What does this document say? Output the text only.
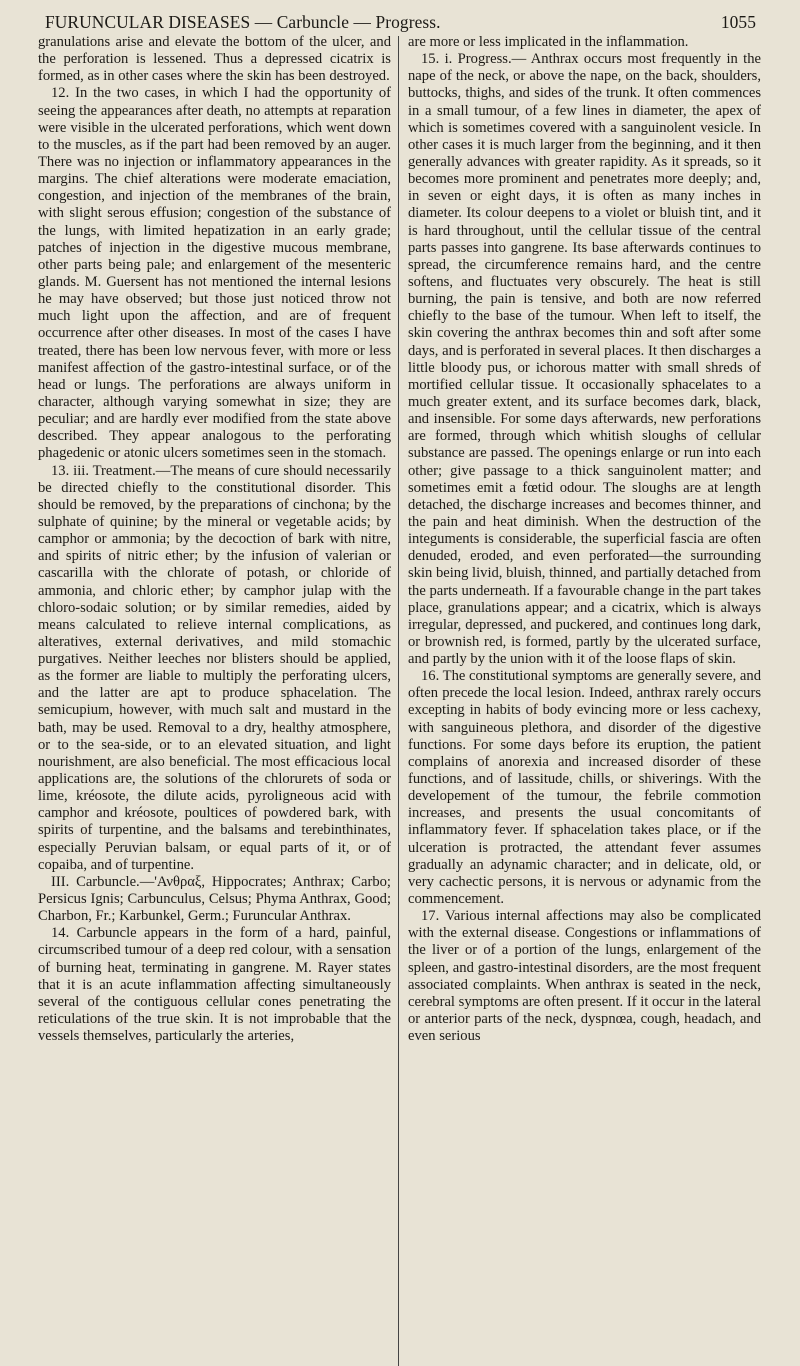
FURUNCULAR DISEASES — Carbuncle — Progress.	1055

granulations arise and elevate the bottom of the ulcer, and the perforation is lessened. Thus a depressed cicatrix is formed, as in other cases where the skin has been destroyed.

12. In the two cases, in which I had the opportunity of seeing the appearances after death, no attempts at reparation were visible in the ulcerated perforations, which went down to the muscles, as if the part had been removed by an auger. There was no injection or inflammatory appearances in the margins. The chief alterations were moderate emaciation, congestion, and injection of the membranes of the brain, with slight serous effusion; congestion of the substance of the lungs, with limited hepatization in an early grade; patches of injection in the digestive mucous membrane, other parts being pale; and enlargement of the mesenteric glands. M. Guersent has not mentioned the internal lesions he may have observed; but those just noticed throw not much light upon the affection, and are of frequent occurrence after other diseases. In most of the cases I have treated, there has been low nervous fever, with more or less manifest affection of the gastro-intestinal surface, or of the head or lungs. The perforations are always uniform in character, although varying somewhat in size; they are peculiar; and are hardly ever modified from the state above described. They appear analogous to the perforating phagedenic or atonic ulcers sometimes seen in the stomach.

13. iii. Treatment.—The means of cure should necessarily be directed chiefly to the constitutional disorder. This should be removed, by the preparations of cinchona; by the sulphate of quinine; by the mineral or vegetable acids; by camphor or ammonia; by the decoction of bark with nitre, and spirits of nitric ether; by the infusion of valerian or cascarilla with the chlorate of potash, or chloride of ammonia, and chloric ether; by camphor julap with the chloro-sodaic solution; or by similar remedies, aided by means calculated to relieve internal complications, as alteratives, external derivatives, and mild stomachic purgatives. Neither leeches nor blisters should be applied, as the former are liable to multiply the perforating ulcers, and the latter are apt to produce sphacelation. The semicupium, however, with much salt and mustard in the bath, may be used. Removal to a dry, healthy atmosphere, or to the sea-side, or to an elevated situation, and light nourishment, are also beneficial. The most efficacious local applications are, the solutions of the chlorurets of soda or lime, kréosote, the dilute acids, pyroligneous acid with camphor and kréosote, poultices of powdered bark, with spirits of turpentine, and the balsams and terebinthinates, especially Peruvian balsam, or equal parts of it, or of copaiba, and of turpentine.

III. Carbuncle.—'Ανθραξ, Hippocrates; Anthrax; Carbo; Persicus Ignis; Carbunculus, Celsus; Phyma Anthrax, Good; Charbon, Fr.; Karbunkel, Germ.; Furuncular Anthrax.

14. Carbuncle appears in the form of a hard, painful, circumscribed tumour of a deep red colour, with a sensation of burning heat, terminating in gangrene. M. Rayer states that it is an acute inflammation affecting simultaneously several of the contiguous cellular cones penetrating the reticulations of the true skin. It is not improbable that the vessels themselves, particularly the arteries,

are more or less implicated in the inflammation.

15. i. Progress.— Anthrax occurs most frequently in the nape of the neck, or above the nape, on the back, shoulders, buttocks, thighs, and sides of the trunk. It often commences in a small tumour, of a few lines in diameter, the apex of which is sometimes covered with a sanguinolent vesicle. In other cases it is much larger from the beginning, and it then generally advances with greater rapidity. As it spreads, so it becomes more prominent and penetrates more deeply; and, in seven or eight days, it is often as many inches in diameter. Its colour deepens to a violet or bluish tint, and it is hard throughout, until the cellular tissue of the central parts passes into gangrene. Its base afterwards continues to spread, the circumference remains hard, and the centre softens, and fluctuates very obscurely. The heat is still burning, the pain is tensive, and both are now referred chiefly to the base of the tumour. When left to itself, the skin covering the anthrax becomes thin and soft after some days, and is perforated in several places. It then discharges a little bloody pus, or ichorous matter with small shreds of mortified cellular tissue. It occasionally sphacelates to a much greater extent, and its surface becomes dark, black, and insensible. For some days afterwards, new perforations are formed, through which whitish sloughs of cellular substance are passed. The openings enlarge or run into each other; give passage to a thick sanguinolent matter; and sometimes emit a fœtid odour. The sloughs are at length detached, the discharge increases and becomes thinner, and the pain and heat diminish. When the destruction of the integuments is considerable, the superficial fascia are often denuded, eroded, and even perforated—the surrounding skin being livid, bluish, thinned, and partially detached from the parts underneath. If a favourable change in the part takes place, granulations appear; and a cicatrix, which is always irregular, depressed, and puckered, and continues long dark, or brownish red, is formed, partly by the ulcerated surface, and partly by the union with it of the loose flaps of skin.

16. The constitutional symptoms are generally severe, and often precede the local lesion. Indeed, anthrax rarely occurs excepting in habits of body evincing more or less cachexy, with sanguineous plethora, and disorder of the digestive functions. For some days before its eruption, the patient complains of anorexia and increased disorder of these functions, and of lassitude, chills, or shiverings. With the developement of the tumour, the febrile commotion increases, and presents the usual concomitants of inflammatory fever. If sphacelation takes place, or if the ulceration is protracted, the attendant fever assumes gradually an adynamic character; and in delicate, old, or very cachectic persons, it is nervous or adynamic from the commencement.

17. Various internal affections may also be complicated with the external disease. Congestions or inflammations of the liver or of a portion of the lungs, enlargement of the spleen, and gastro-intestinal disorders, are the most frequent associated complaints. When anthrax is seated in the neck, cerebral symptoms are often present. If it occur in the lateral or anterior parts of the neck, dyspnœa, cough, headach, and even serious
